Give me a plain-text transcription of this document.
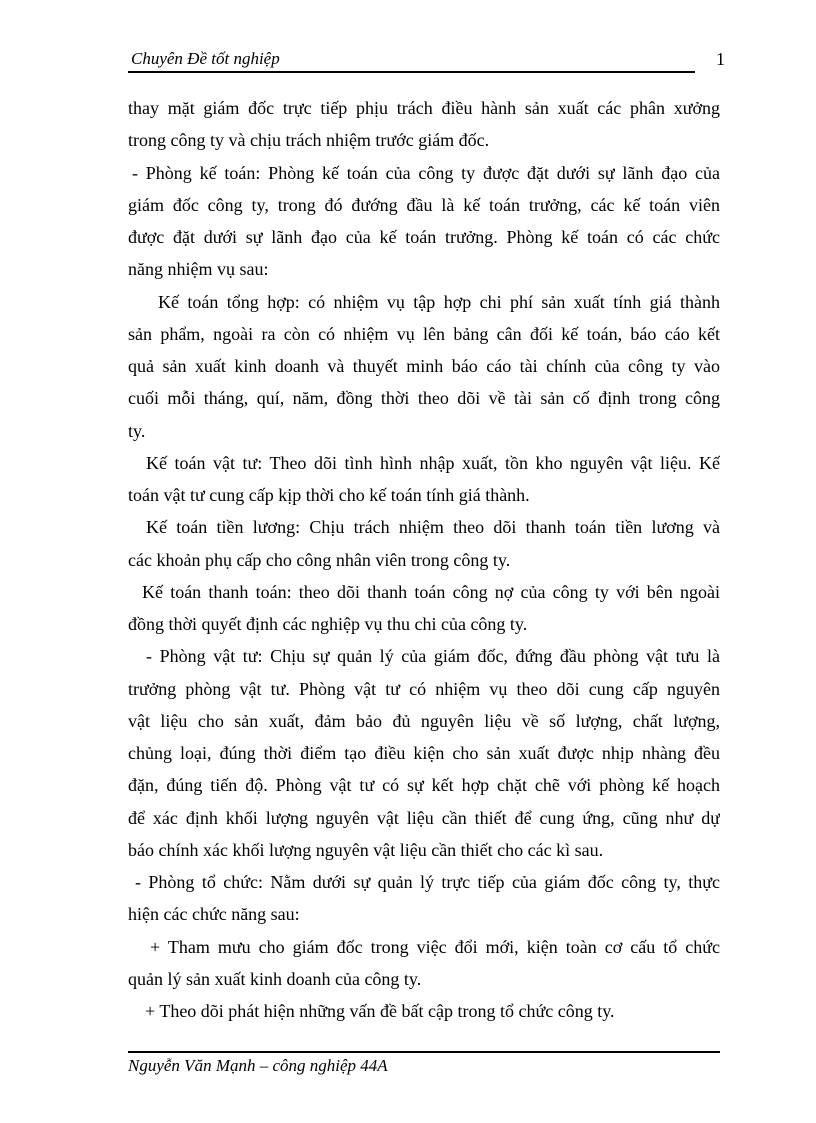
Chuyên Đề tốt nghiệp	1
thay mặt giám đốc trực tiếp phịu trách điều hành sản xuất các phân xưởng
trong công ty và chịu trách nhiệm trước giám đốc.
- Phòng kế toán: Phòng kế toán của công ty được đặt dưới sự lãnh đạo của
giám đốc công ty, trong đó đướng đầu là kế toán trưởng, các kế toán viên
được đặt dưới sự lãnh đạo của kế toán trưởng. Phòng kế toán có các chức
năng nhiệm vụ sau:
Kế toán tổng hợp: có nhiệm vụ tập hợp chi phí sản xuất tính giá thành
sản phẩm, ngoài ra còn có nhiệm vụ lên bảng cân đối kế toán, báo cáo kết
quả sản xuất kinh doanh và thuyết minh báo cáo tài chính của công ty vào
cuối mỗi tháng, quí, năm, đồng thời theo dõi về tài sản cố định trong công
ty.
Kế toán vật tư: Theo dõi tình hình nhập xuất, tồn kho nguyên vật liệu. Kế
toán vật tư cung cấp kịp thời cho kế toán tính giá thành.
Kế toán tiền lương: Chịu trách nhiệm theo dõi thanh toán tiền lương và
các khoản phụ cấp cho công nhân viên trong công ty.
Kế toán thanh toán: theo dõi thanh toán công nợ của công ty với bên ngoài
đồng thời quyết định các nghiệp vụ thu chi của công ty.
- Phòng vật tư: Chịu sự quản lý của giám đốc, đứng đầu phòng vật tưu là
trưởng phòng vật tư. Phòng vật tư có nhiệm vụ theo dõi cung cấp nguyên
vật liệu cho sản xuất, đảm bảo đủ nguyên liệu về số lượng, chất lượng,
chủng loại, đúng thời điểm tạo điều kiện cho sản xuất được nhịp nhàng đều
đặn, đúng tiến độ. Phòng vật tư có sự kết hợp chặt chẽ với phòng kế hoạch
để xác định khối lượng nguyên vật liệu cần thiết để cung ứng, cũng như dự
báo chính xác khối lượng nguyên vật liệu cần thiết cho các kì sau.
- Phòng tổ chức: Nằm dưới sự quản lý trực tiếp của giám đốc công ty, thực
hiện các chức năng sau:
+ Tham mưu cho giám đốc trong việc đổi mới, kiện toàn cơ cấu tổ chức
quản lý sản xuất kinh doanh của công ty.
+ Theo dõi phát hiện những vấn đề bất cập trong tổ chức công ty.
Nguyễn Văn Mạnh – công nghiệp 44A
